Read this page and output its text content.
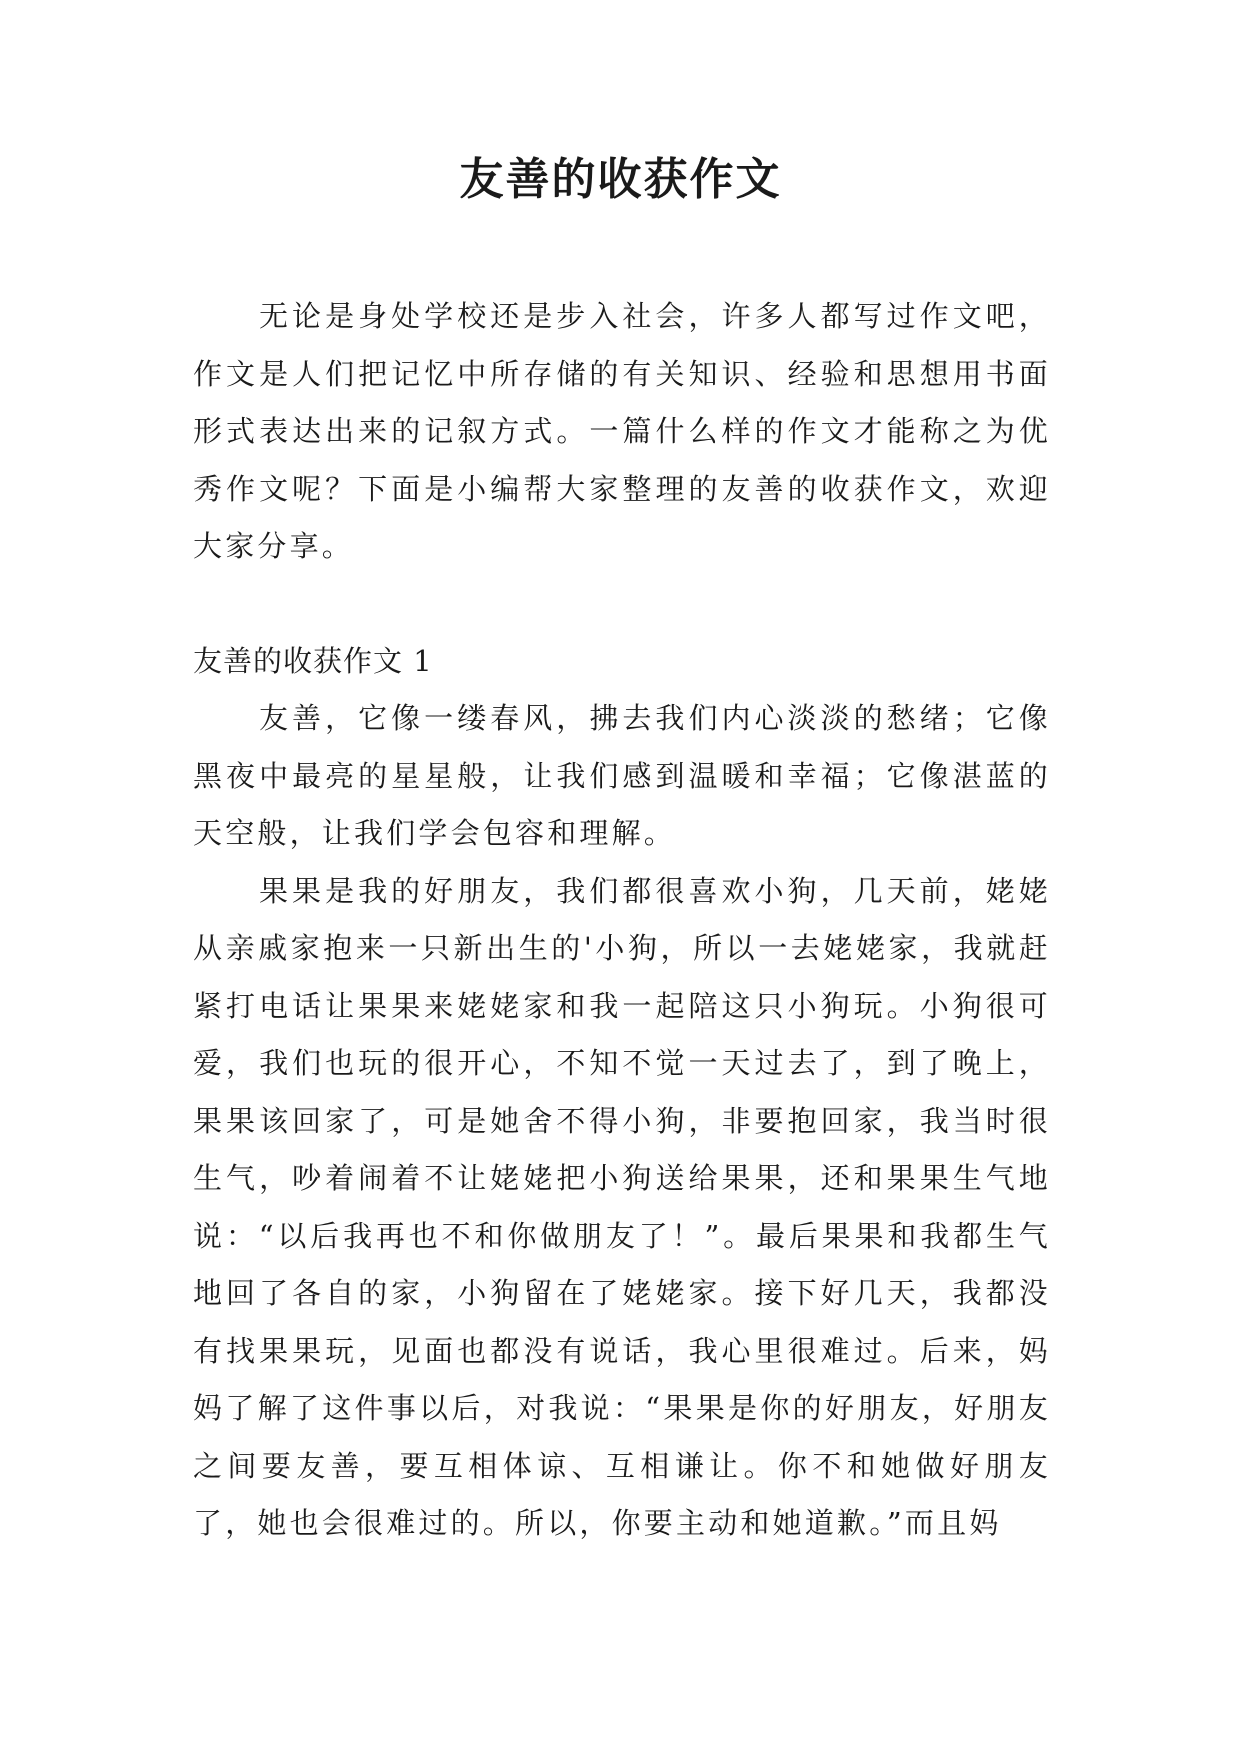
友善的收获作文

无论是身处学校还是步入社会，许多人都写过作文吧，作文是人们把记忆中所存储的有关知识、经验和思想用书面形式表达出来的记叙方式。一篇什么样的作文才能称之为优秀作文呢？下面是小编帮大家整理的友善的收获作文，欢迎大家分享。

友善的收获作文 1

友善，它像一缕春风，拂去我们内心淡淡的愁绪；它像黑夜中最亮的星星般，让我们感到温暖和幸福；它像湛蓝的天空般，让我们学会包容和理解。

果果是我的好朋友，我们都很喜欢小狗，几天前，姥姥从亲戚家抱来一只新出生的'小狗，所以一去姥姥家，我就赶紧打电话让果果来姥姥家和我一起陪这只小狗玩。小狗很可爱，我们也玩的很开心，不知不觉一天过去了，到了晚上，果果该回家了，可是她舍不得小狗，非要抱回家，我当时很生气，吵着闹着不让姥姥把小狗送给果果，还和果果生气地说：“以后我再也不和你做朋友了！”。最后果果和我都生气地回了各自的家，小狗留在了姥姥家。接下好几天，我都没有找果果玩，见面也都没有说话，我心里很难过。后来，妈妈了解了这件事以后，对我说：“果果是你的好朋友，好朋友之间要友善，要互相体谅、互相谦让。你不和她做好朋友了，她也会很难过的。所以，你要主动和她道歉。”而且妈
